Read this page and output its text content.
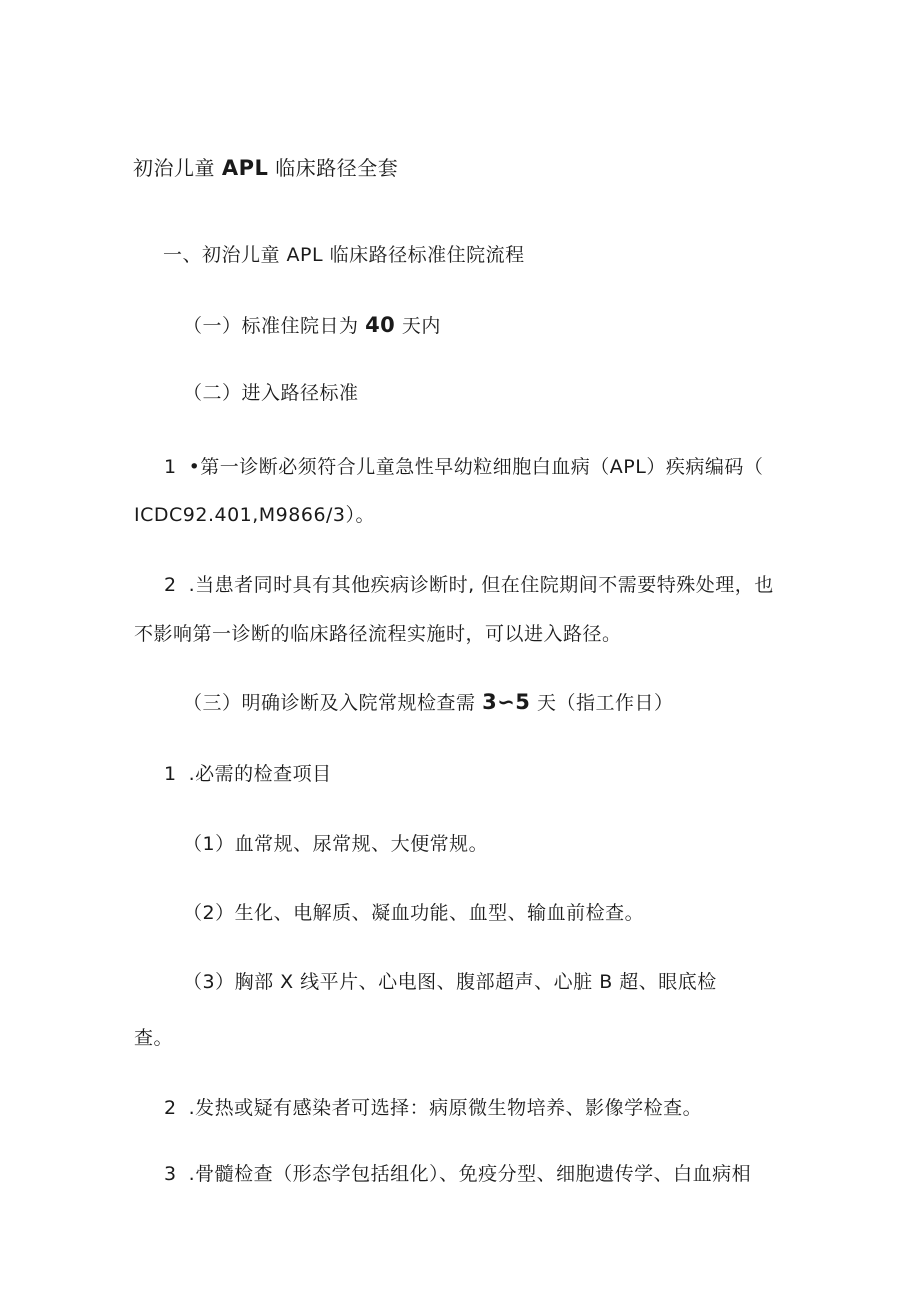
初治儿童 APL 临床路径全套
一、初治儿童 APL 临床路径标准住院流程
（一）标准住院日为 40 天内
（二）进入路径标准
1 •第一诊断必须符合儿童急性早幼粒细胞白血病（APL）疾病编码（
ICDC92.401,M9866/3）。
2 .当患者同时具有其他疾病诊断时, 但在住院期间不需要特殊处理，也
不影响第一诊断的临床路径流程实施时，可以进入路径。
（三）明确诊断及入院常规检查需 3∽5 天（指工作日）
1 .必需的检查项目
（1）血常规、尿常规、大便常规。
（2）生化、电解质、凝血功能、血型、输血前检查。
（3）胸部 X 线平片、心电图、腹部超声、心脏 B 超、眼底检
查。
2 .发热或疑有感染者可选择：病原微生物培养、影像学检查。
3 .骨髓检查（形态学包括组化）、免疫分型、细胞遗传学、白血病相
